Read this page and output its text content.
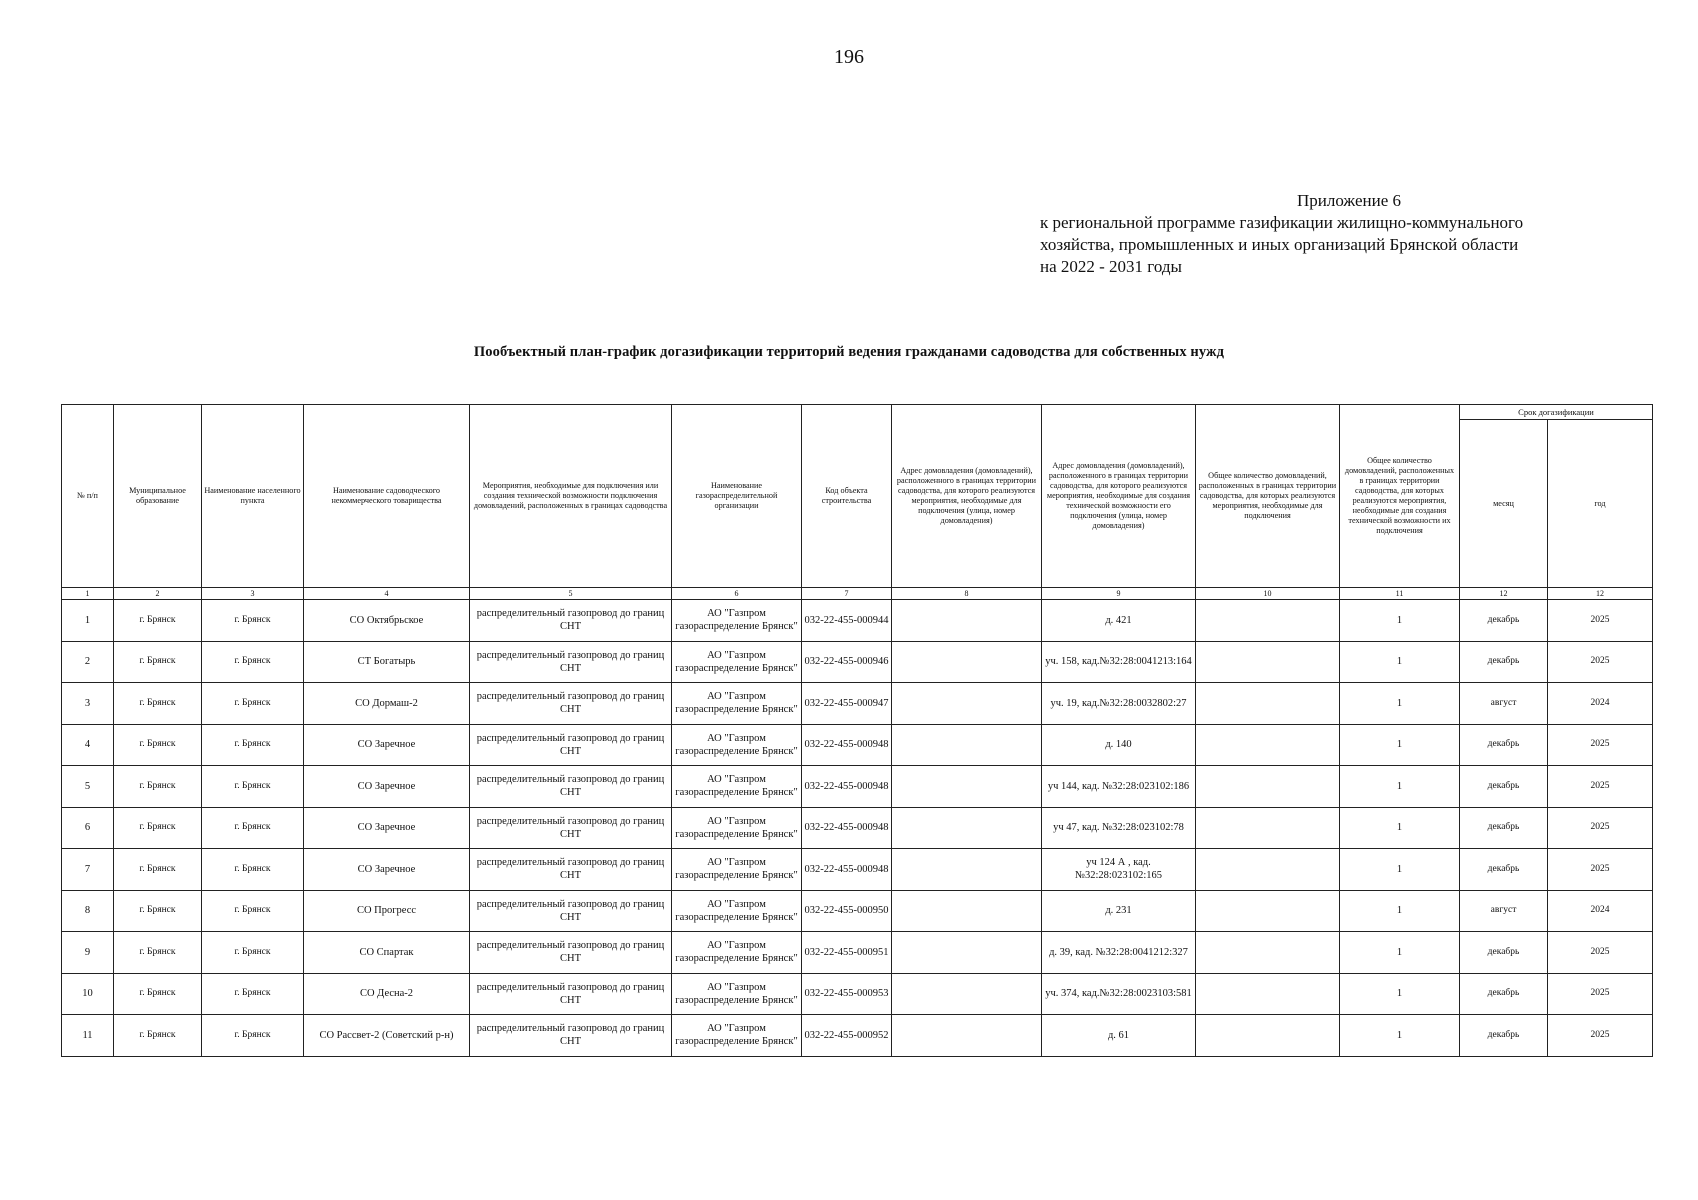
196
Приложение 6
к региональной программе газификации жилищно-коммунального
хозяйства, промышленных и иных организаций Брянской области
на 2022 - 2031 годы
Пообъектный план-график догазификации территорий ведения гражданами садоводства для собственных нужд
№ п/п	Муниципальное образование	Наименование населенного пункта	Наименование садоводческого некоммерческого товарищества	Мероприятия, необходимые для подключения или создания технической возможности подключения домовладений, расположенных в границах садоводства	Наименование газораспределительной организации	Код объекта строительства	Адрес домовладения (домовладений), расположенного в границах территории садоводства, для которого реализуются мероприятия, необходимые для подключения (улица, номер домовладения)	Адрес домовладения (домовладений), расположенного в границах территории садоводства, для которого реализуются мероприятия, необходимые для создания технической возможности его подключения (улица, номер домовладения)	Общее количество домовладений, расположенных в границах территории садоводства, для которых реализуются мероприятия, необходимые для подключения	Общее количество домовладений, расположенных в границах территории садоводства, для которых реализуются мероприятия, необходимые для создания технической возможности их подключения	Срок догазификации	
											месяц	год
1	2	3	4	5	6	7	8	9	10	11	12	12
1	г. Брянск	г. Брянск	СО Октябрьское	распределительный газопровод до границ СНТ	АО "Газпром газораспределение Брянск"	032-22-455-000944		д. 421		1	декабрь	2025
2	г. Брянск	г. Брянск	СТ Богатырь	распределительный газопровод до границ СНТ	АО "Газпром газораспределение Брянск"	032-22-455-000946		уч. 158, кад.№32:28:0041213:164		1	декабрь	2025
3	г. Брянск	г. Брянск	СО Дормаш-2	распределительный газопровод до границ СНТ	АО "Газпром газораспределение Брянск"	032-22-455-000947		уч. 19, кад.№32:28:0032802:27		1	август	2024
4	г. Брянск	г. Брянск	СО Заречное	распределительный газопровод до границ СНТ	АО "Газпром газораспределение Брянск"	032-22-455-000948		д. 140		1	декабрь	2025
5	г. Брянск	г. Брянск	СО Заречное	распределительный газопровод до границ СНТ	АО "Газпром газораспределение Брянск"	032-22-455-000948		уч 144, кад. №32:28:023102:186		1	декабрь	2025
6	г. Брянск	г. Брянск	СО Заречное	распределительный газопровод до границ СНТ	АО "Газпром газораспределение Брянск"	032-22-455-000948		уч 47, кад. №32:28:023102:78		1	декабрь	2025
7	г. Брянск	г. Брянск	СО Заречное	распределительный газопровод до границ СНТ	АО "Газпром газораспределение Брянск"	032-22-455-000948		уч 124 А , кад. №32:28:023102:165		1	декабрь	2025
8	г. Брянск	г. Брянск	СО Прогресс	распределительный газопровод до границ СНТ	АО "Газпром газораспределение Брянск"	032-22-455-000950		д. 231		1	август	2024
9	г. Брянск	г. Брянск	СО Спартак	распределительный газопровод до границ СНТ	АО "Газпром газораспределение Брянск"	032-22-455-000951		д. 39, кад. №32:28:0041212:327		1	декабрь	2025
10	г. Брянск	г. Брянск	СО Десна-2	распределительный газопровод до границ СНТ	АО "Газпром газораспределение Брянск"	032-22-455-000953		уч. 374, кад.№32:28:0023103:581		1	декабрь	2025
11	г. Брянск	г. Брянск	СО Рассвет-2 (Советский р-н)	распределительный газопровод до границ СНТ	АО "Газпром газораспределение Брянск"	032-22-455-000952		д. 61		1	декабрь	2025
